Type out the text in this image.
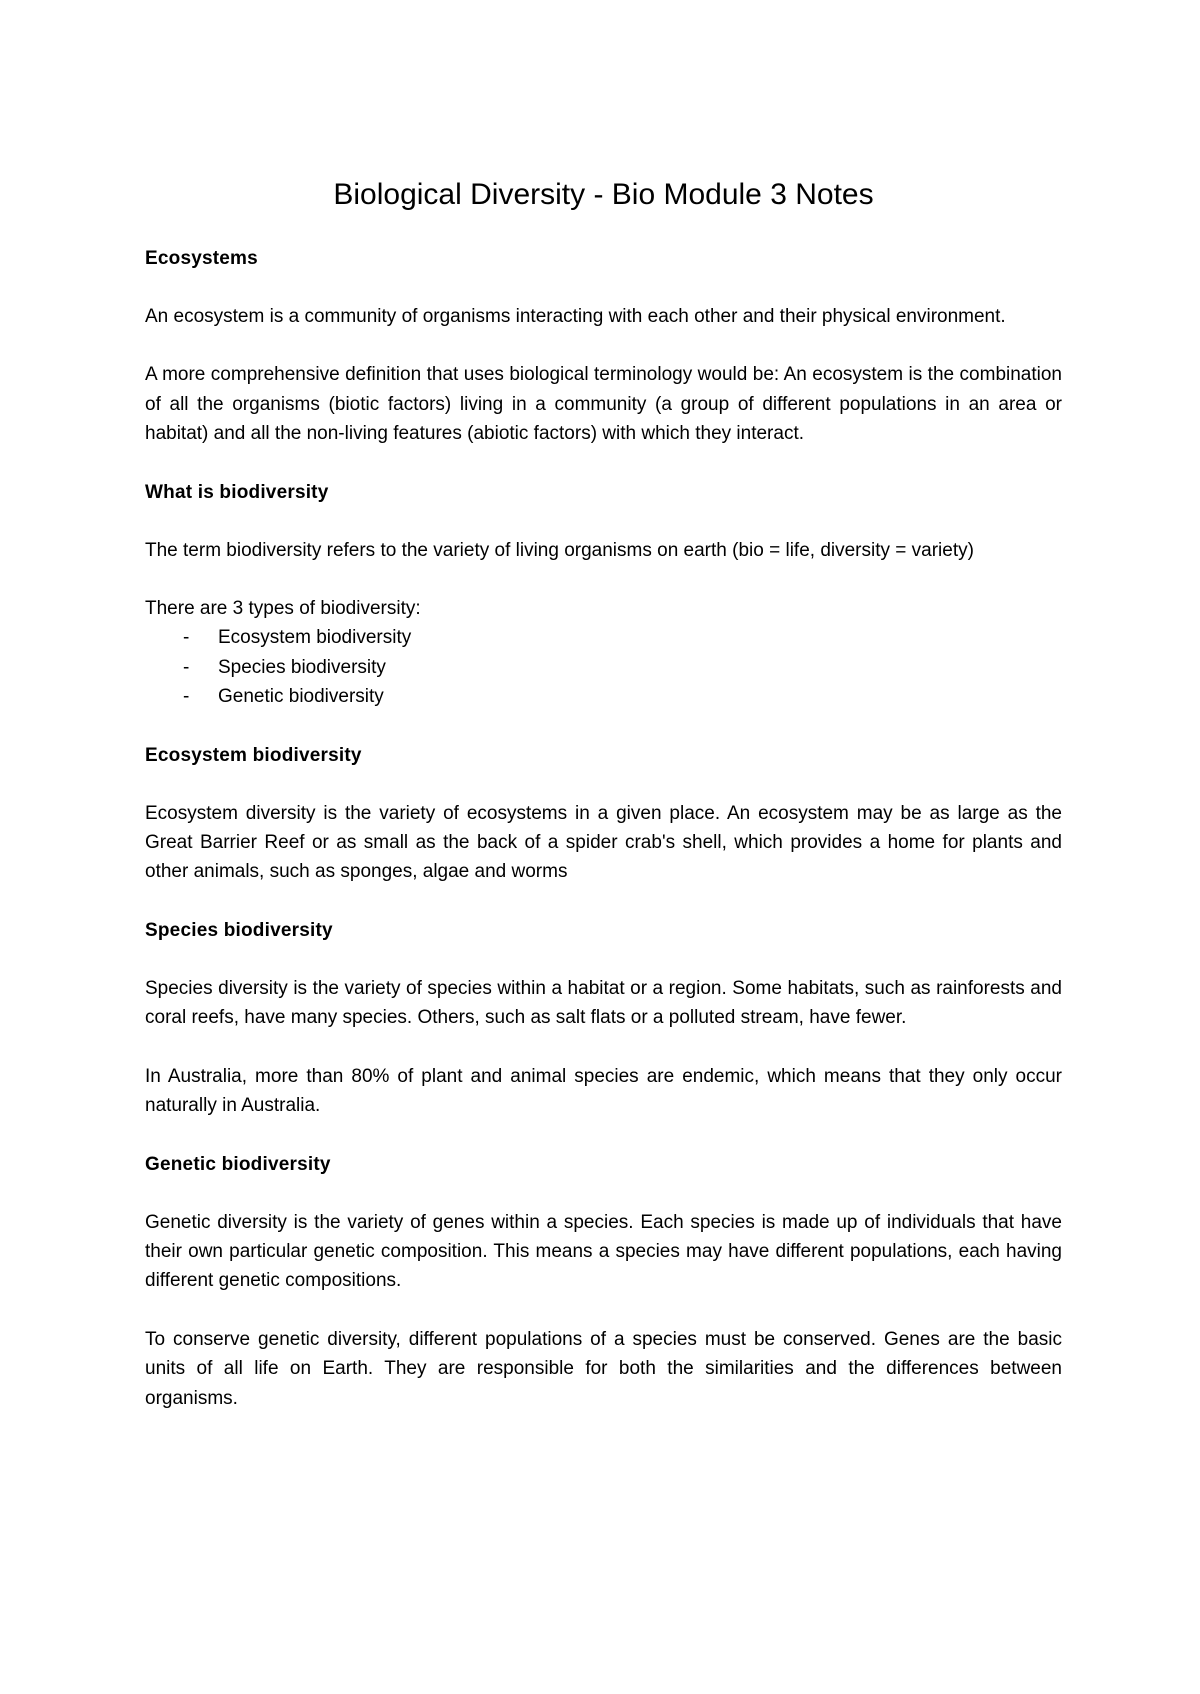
Biological Diversity - Bio Module 3 Notes
Ecosystems

An ecosystem is a community of organisms interacting with each other and their physical environment.

A more comprehensive definition that uses biological terminology would be: An ecosystem is the combination of all the organisms (biotic factors) living in a community (a group of different populations in an area or habitat) and all the non-living features (abiotic factors) with which they interact.

What is biodiversity

The term biodiversity refers to the variety of living organisms on earth (bio = life, diversity = variety)

There are 3 types of biodiversity:

-	Ecosystem biodiversity
-	Species biodiversity
-	Genetic biodiversity
Ecosystem biodiversity

Ecosystem diversity is the variety of ecosystems in a given place. An ecosystem may be as large as the Great Barrier Reef or as small as the back of a spider crab's shell, which provides a home for plants and other animals, such as sponges, algae and worms

Species biodiversity

Species diversity is the variety of species within a habitat or a region. Some habitats, such as rainforests and coral reefs, have many species. Others, such as salt flats or a polluted stream, have fewer.

In Australia, more than 80% of plant and animal species are endemic, which means that they only occur naturally in Australia.

Genetic biodiversity

Genetic diversity is the variety of genes within a species. Each species is made up of individuals that have their own particular genetic composition. This means a species may have different populations, each having different genetic compositions.

To conserve genetic diversity, different populations of a species must be conserved. Genes are the basic units of all life on Earth. They are responsible for both the similarities and the differences between organisms.
